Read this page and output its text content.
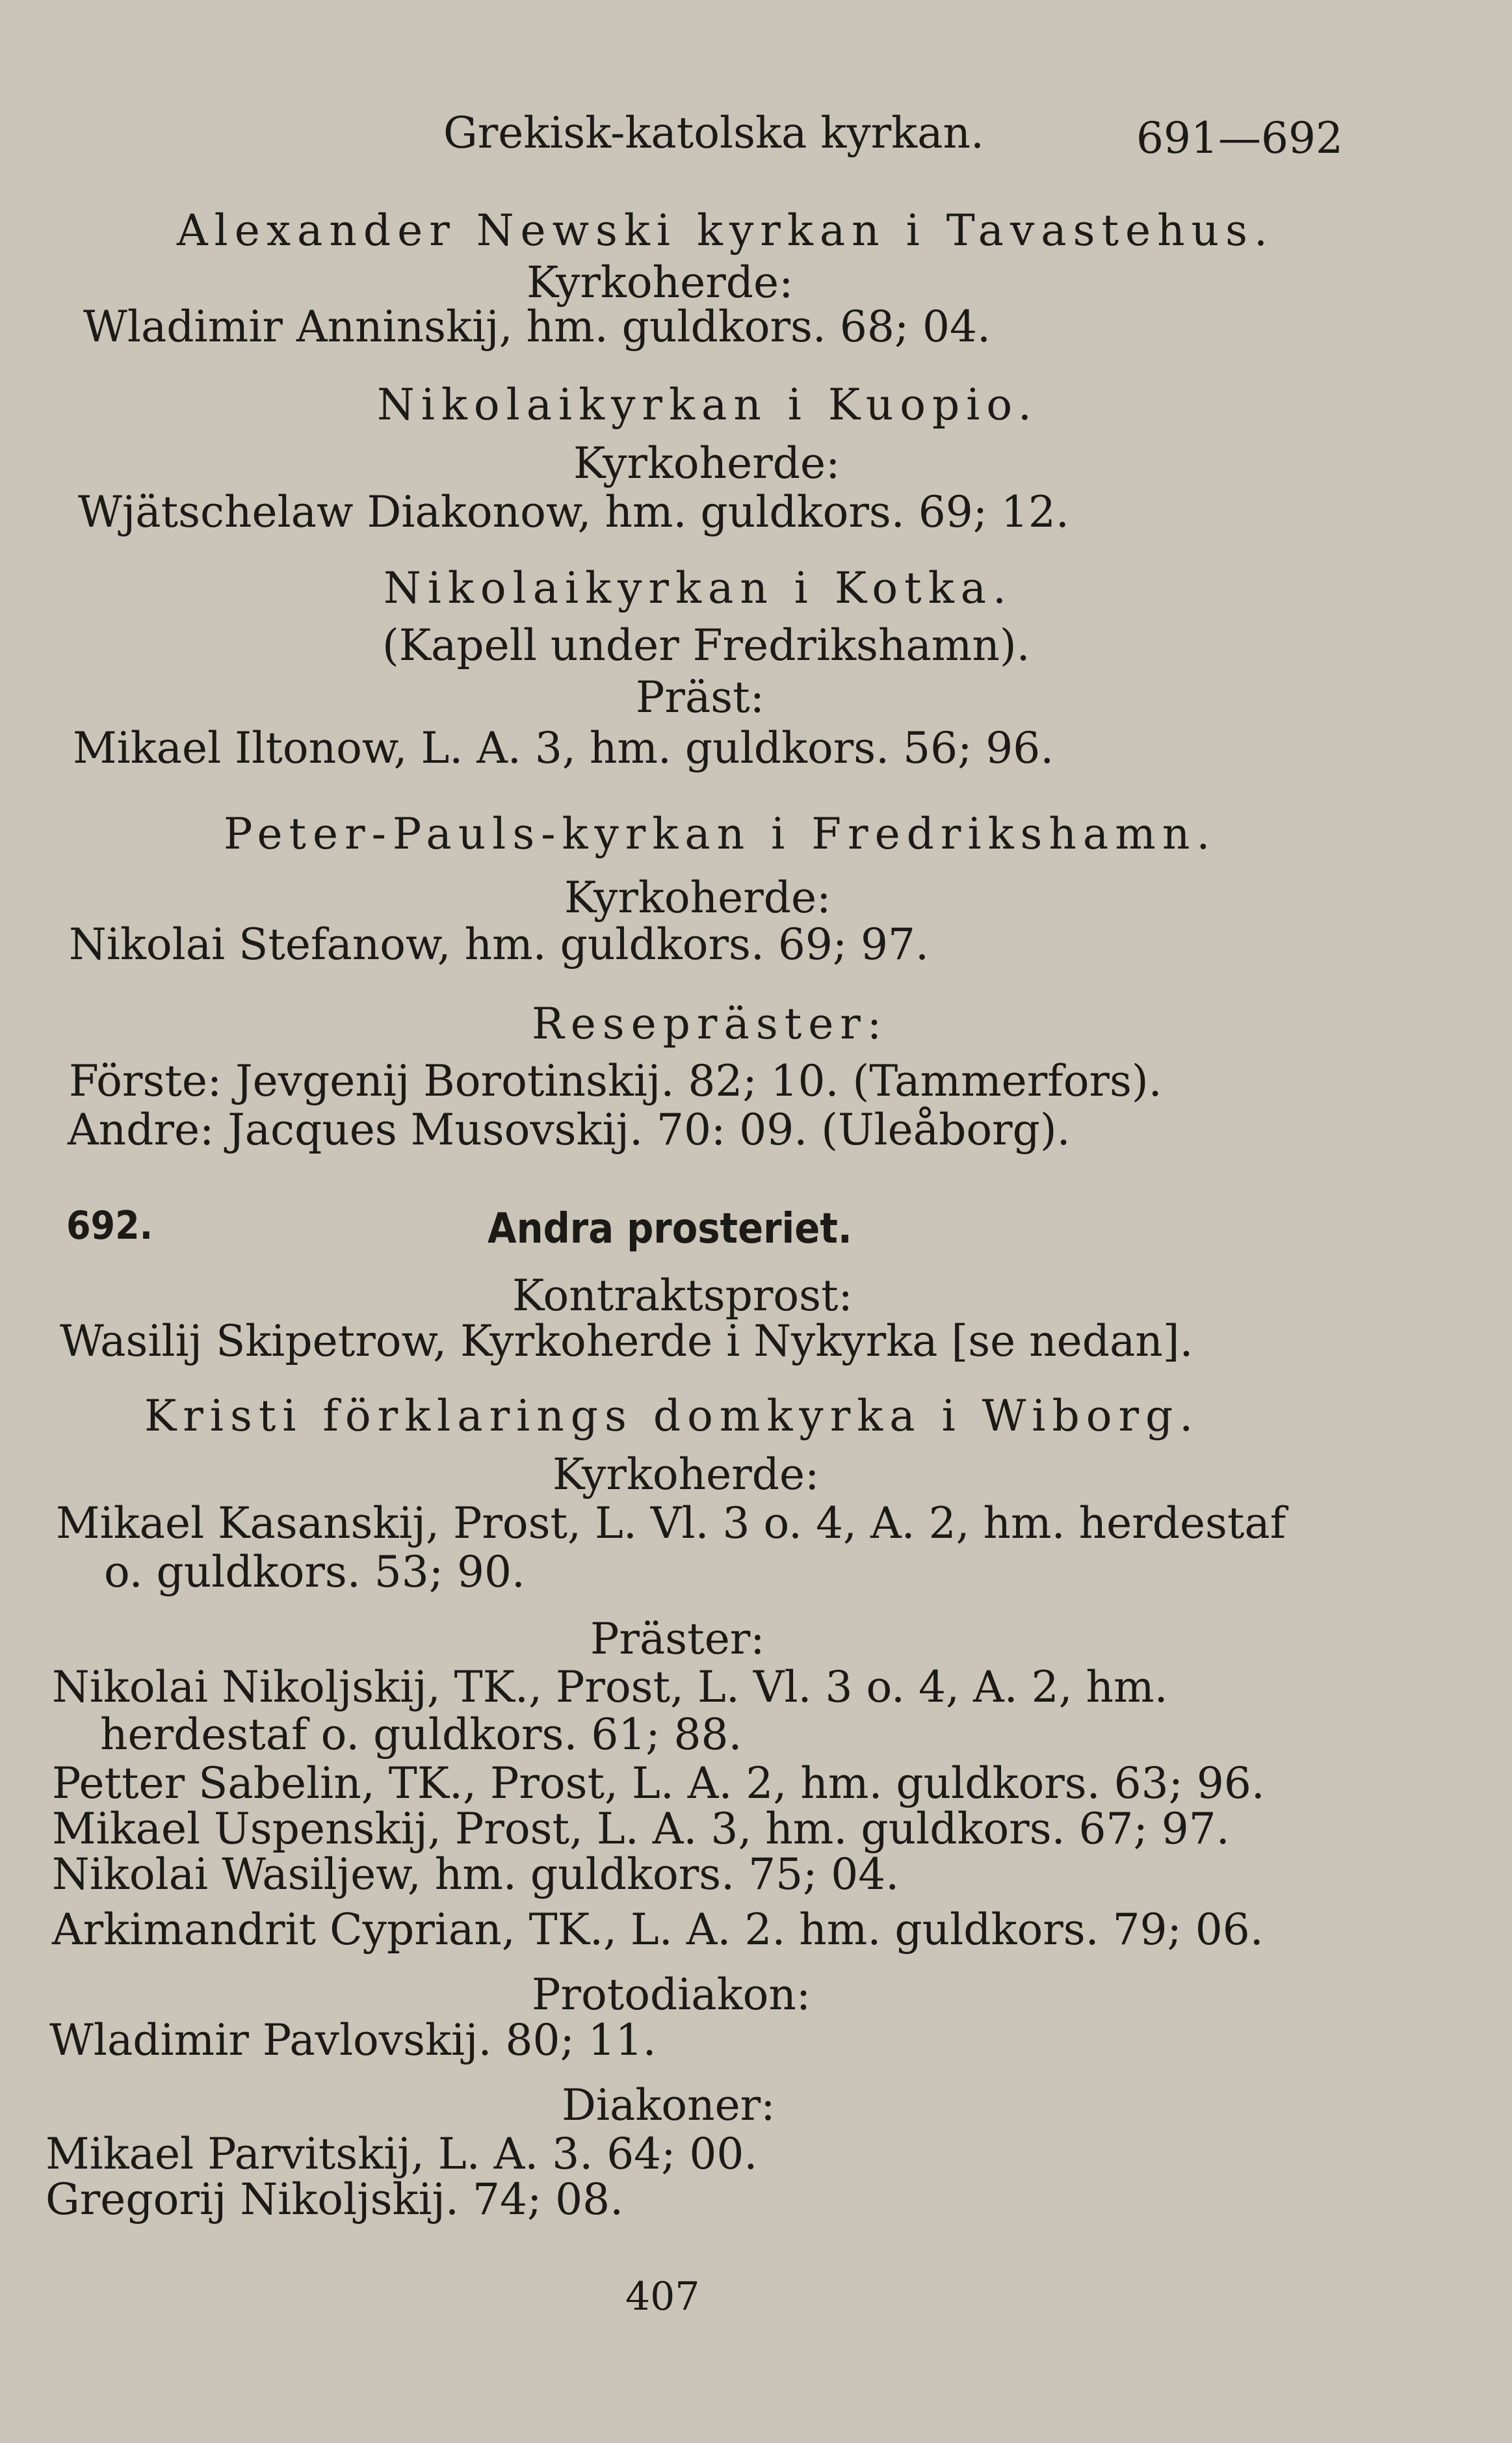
Grekisk-katolska kyrkan.	691—692
Alexander Newski kyrkan i Tavastehus.
Kyrkoherde:
Wladimir Anninskij, hm. guldkors. 68; 04.
Nikolaikyrkan i Kuopio.
Kyrkoherde:
Wjätschelaw Diakonow, hm. guldkors. 69; 12.
Nikolaikyrkan i Kotka.
(Kapell under Fredrikshamn).
Präst:
Mikael Iltonow, L. A. 3, hm. guldkors. 56; 96.
Peter-Pauls-kyrkan i Fredrikshamn.
Kyrkoherde:
Nikolai Stefanow, hm. guldkors. 69; 97.
Resepräster:
Förste: Jevgenij Borotinskij. 82; 10. (Tammerfors).
Andre: Jacques Musovskij. 70: 09. (Uleåborg).
692.	Andra prosteriet.
Kontraktsprost:
Wasilij Skipetrow, Kyrkoherde i Nykyrka [se nedan].
Kristi förklarings domkyrka i Wiborg.
Kyrkoherde:
Mikael Kasanskij, Prost, L. Vl. 3 o. 4, A. 2, hm. herdestaf
o. guldkors. 53; 90.
Präster:
Nikolai Nikoljskij, TK., Prost, L. Vl. 3 o. 4, A. 2, hm.
herdestaf o. guldkors. 61; 88.
Petter Sabelin, TK., Prost, L. A. 2, hm. guldkors. 63; 96.
Mikael Uspenskij, Prost, L. A. 3, hm. guldkors. 67; 97.
Nikolai Wasiljew, hm. guldkors. 75; 04.
Arkimandrit Cyprian, TK., L. A. 2. hm. guldkors. 79; 06.
Protodiakon:
Wladimir Pavlovskij. 80; 11.
Diakoner:
Mikael Parvitskij, L. A. 3. 64; 00.
Gregorij Nikoljskij. 74; 08.
407
